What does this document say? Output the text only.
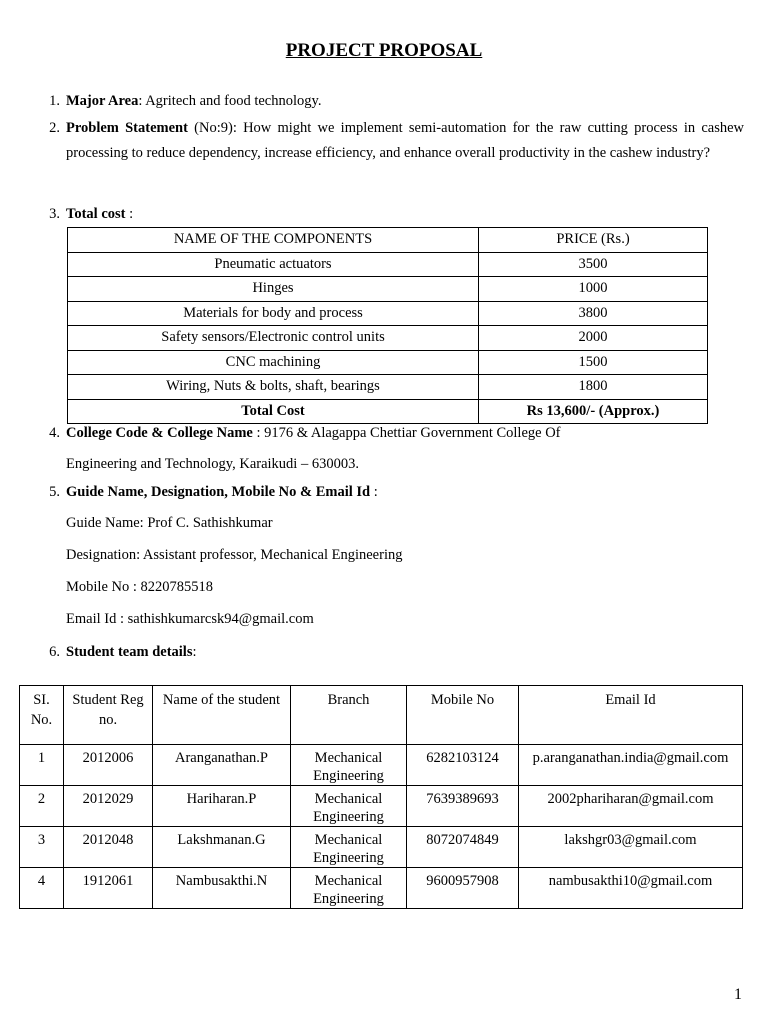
PROJECT PROPOSAL
1. Major Area: Agritech and food technology.
2. Problem Statement (No:9): How might we implement semi-automation for the raw cutting process in cashew processing to reduce dependency, increase efficiency, and enhance overall productivity in the cashew industry?
3. Total cost :
NAME OF THE COMPONENTS	PRICE (Rs.)
Pneumatic actuators	3500
Hinges	1000
Materials for body and process	3800
Safety sensors/Electronic control units	2000
CNC machining	1500
Wiring, Nuts & bolts, shaft, bearings	1800
Total Cost	Rs 13,600/- (Approx.)
4. College Code & College Name : 9176 & Alagappa Chettiar Government College Of
Engineering and Technology, Karaikudi – 630003.
5. Guide Name, Designation, Mobile No & Email Id :
Guide Name: Prof C. Sathishkumar
Designation: Assistant professor, Mechanical Engineering
Mobile No : 8220785518
Email Id : sathishkumarcsk94@gmail.com
6. Student team details:
SI. No.	Student Reg no.	Name of the student	Branch	Mobile No	Email Id
1	2012006	Aranganathan.P	Mechanical Engineering	6282103124	p.aranganathan.india@gmail.com
2	2012029	Hariharan.P	Mechanical Engineering	7639389693	2002phariharan@gmail.com
3	2012048	Lakshmanan.G	Mechanical Engineering	8072074849	lakshgr03@gmail.com
4	1912061	Nambusakthi.N	Mechanical Engineering	9600957908	nambusakthi10@gmail.com
1
